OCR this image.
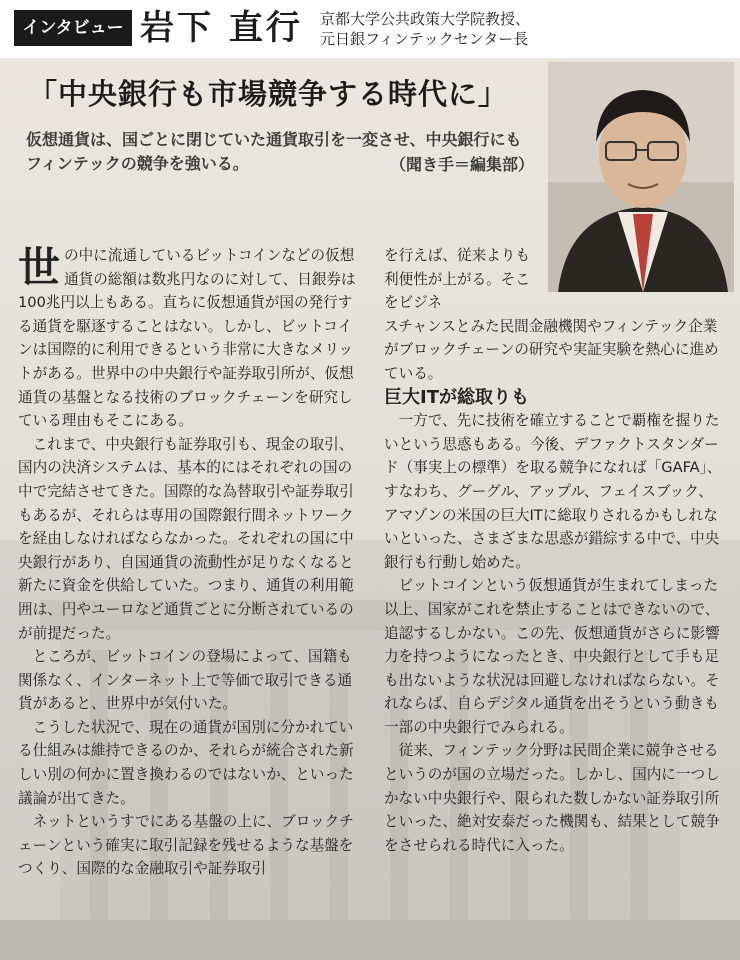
インタビュー 岩下 直行 京都大学公共政策大学院教授、
元日銀フィンテックセンター長
「中央銀行も市場競争する時代に」
仮想通貨は、国ごとに閉じていた通貨取引を一変させ、中央銀行にもフィンテックの競争を強いる。	（聞き手＝編集部）

世の中に流通しているビットコインなどの仮想通貨の総額は数兆円なのに対して、日銀券は100兆円以上もある。直ちに仮想通貨が国の発行する通貨を駆逐することはない。しかし、ビットコインは国際的に利用できるという非常に大きなメリットがある。世界中の中央銀行や証券取引所が、仮想通貨の基盤となる技術のブロックチェーンを研究している理由もそこにある。

これまで、中央銀行も証券取引も、現金の取引、国内の決済システムは、基本的にはそれぞれの国の中で完結させてきた。国際的な為替取引や証券取引もあるが、それらは専用の国際銀行間ネットワークを経由しなければならなかった。それぞれの国に中央銀行があり、自国通貨の流動性が足りなくなると新たに資金を供給していた。つまり、通貨の利用範囲は、円やユーロなど通貨ごとに分断されているのが前提だった。

ところが、ビットコインの登場によって、国籍も関係なく、インターネット上で等価で取引できる通貨があると、世界中が気付いた。

こうした状況で、現在の通貨が国別に分かれている仕組みは維持できるのか、それらが統合された新しい別の何かに置き換わるのではないか、といった議論が出てきた。

ネットというすでにある基盤の上に、ブロックチェーンという確実に取引記録を残せるような基盤をつくり、国際的な金融取引や証券取引

を行えば、従来よりも利便性が上がる。そこをビジネ

スチャンスとみた民間金融機関やフィンテック企業がブロックチェーンの研究や実証実験を熱心に進めている。

巨大ITが総取りも

一方で、先に技術を確立することで覇権を握りたいという思惑もある。今後、デファクトスタンダード（事実上の標準）を取る競争になれば「GAFA」、すなわち、グーグル、アップル、フェイスブック、アマゾンの米国の巨大ITに総取りされるかもしれないといった、さまざまな思惑が錯綜する中で、中央銀行も行動し始めた。

ビットコインという仮想通貨が生まれてしまった以上、国家がこれを禁止することはできないので、追認するしかない。この先、仮想通貨がさらに影響力を持つようになったとき、中央銀行として手も足も出ないような状況は回避しなければならない。それならば、自らデジタル通貨を出そうという動きも一部の中央銀行でみられる。

従来、フィンテック分野は民間企業に競争させるというのが国の立場だった。しかし、国内に一つしかない中央銀行や、限られた数しかない証券取引所といった、絶対安泰だった機関も、結果として競争をさせられる時代に入った。
